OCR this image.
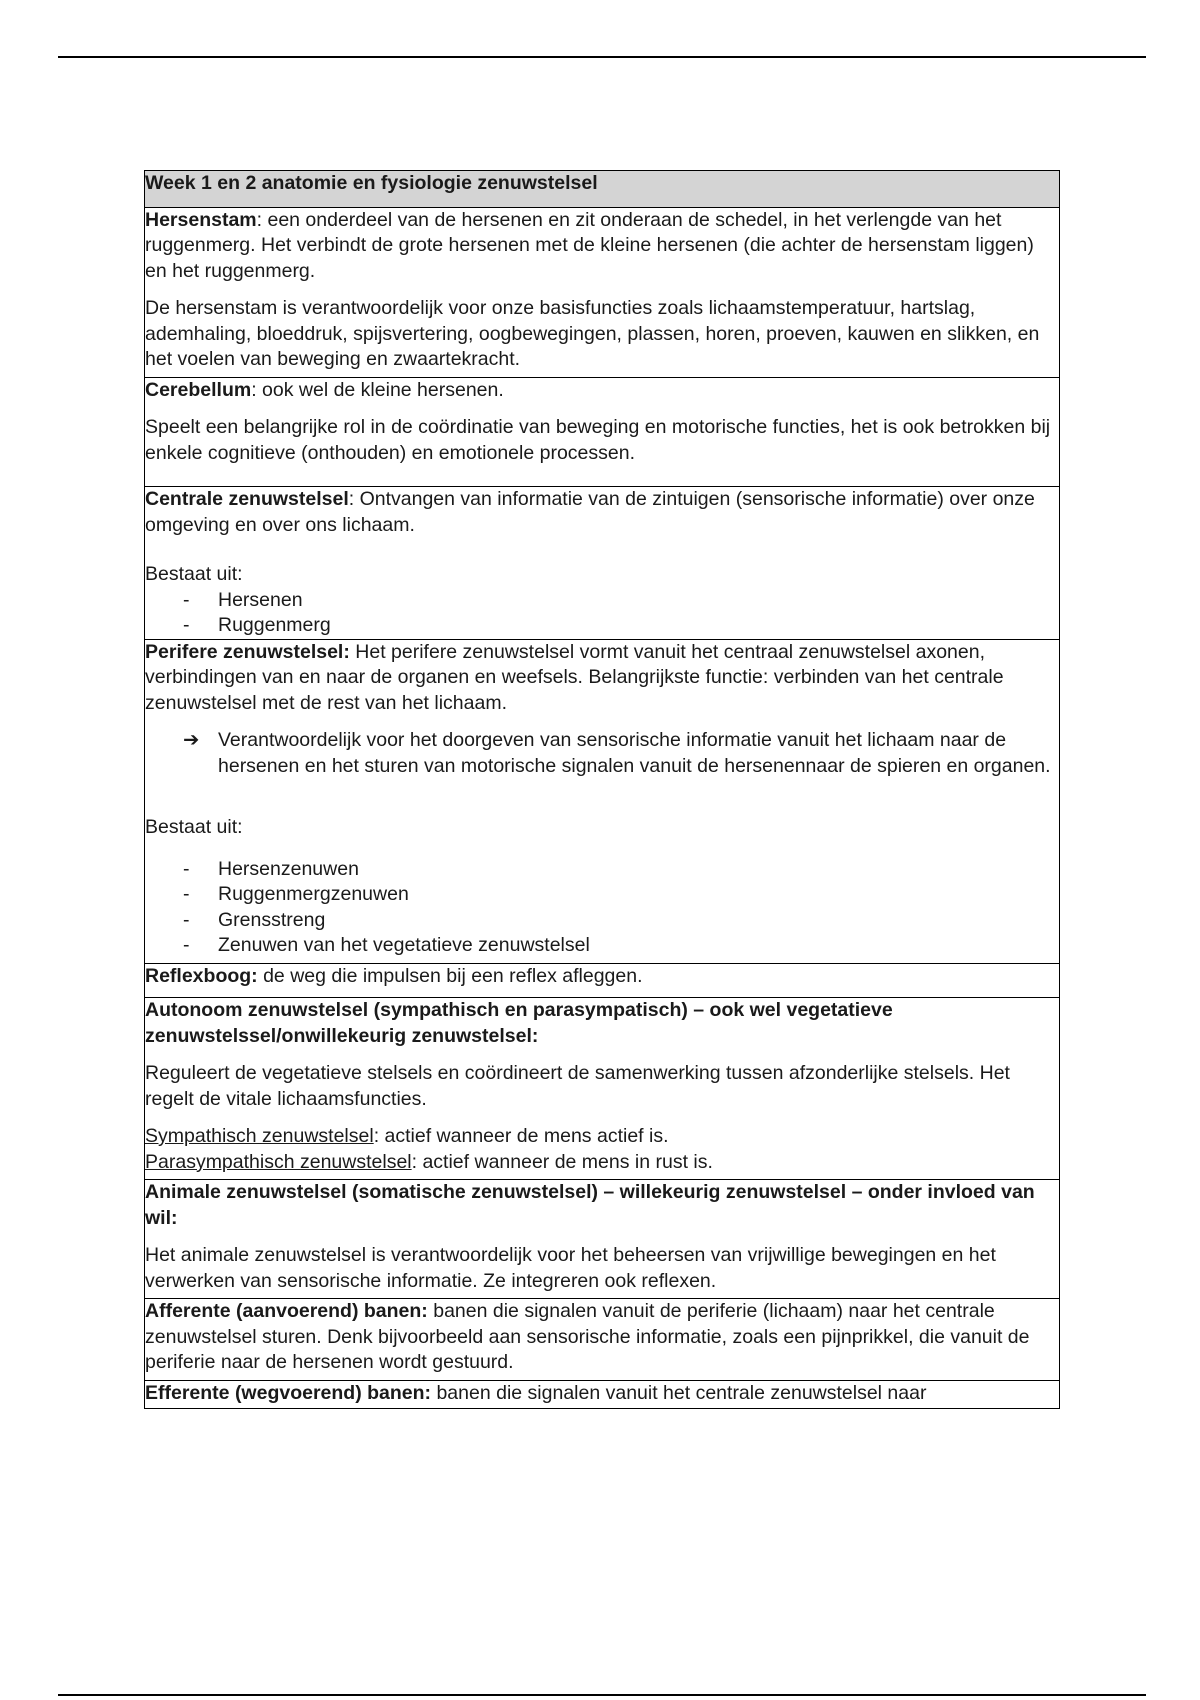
Week 1 en 2 anatomie en fysiologie zenuwstelsel

Hersenstam: een onderdeel van de hersenen en zit onderaan de schedel, in het verlengde van het ruggenmerg. Het verbindt de grote hersenen met de kleine hersenen (die achter de hersenstam liggen) en het ruggenmerg.

De hersenstam is verantwoordelijk voor onze basisfuncties zoals lichaamstemperatuur, hartslag, ademhaling, bloeddruk, spijsvertering, oogbewegingen, plassen, horen, proeven, kauwen en slikken, en het voelen van beweging en zwaartekracht.

Cerebellum: ook wel de kleine hersenen.

Speelt een belangrijke rol in de coördinatie van beweging en motorische functies, het is ook betrokken bij enkele cognitieve (onthouden) en emotionele processen.

Centrale zenuwstelsel: Ontvangen van informatie van de zintuigen (sensorische informatie) over onze omgeving en over ons lichaam.

Bestaat uit:
- Hersenen
- Ruggenmerg

Perifere zenuwstelsel: Het perifere zenuwstelsel vormt vanuit het centraal zenuwstelsel axonen, verbindingen van en naar de organen en weefsels. Belangrijkste functie: verbinden van het centrale zenuwstelsel met de rest van het lichaam.

➔ Verantwoordelijk voor het doorgeven van sensorische informatie vanuit het lichaam naar de hersenen en het sturen van motorische signalen vanuit de hersenennaar de spieren en organen.
Bestaat uit:
- Hersenzenuwen
- Ruggenmergzenuwen
- Grensstreng
- Zenuwen van het vegetatieve zenuwstelsel

Reflexboog: de weg die impulsen bij een reflex afleggen.

Autonoom zenuwstelsel (sympathisch en parasympatisch) – ook wel vegetatieve zenuwstelssel/onwillekeurig zenuwstelsel:

Reguleert de vegetatieve stelsels en coördineert de samenwerking tussen afzonderlijke stelsels. Het regelt de vitale lichaamsfuncties.

Sympathisch zenuwstelsel: actief wanneer de mens actief is.
Parasympathisch zenuwstelsel: actief wanneer de mens in rust is.

Animale zenuwstelsel (somatische zenuwstelsel) – willekeurig zenuwstelsel – onder invloed van wil:

Het animale zenuwstelsel is verantwoordelijk voor het beheersen van vrijwillige bewegingen en het verwerken van sensorische informatie. Ze integreren ook reflexen.

Afferente (aanvoerend) banen: banen die signalen vanuit de periferie (lichaam) naar het centrale zenuwstelsel sturen. Denk bijvoorbeeld aan sensorische informatie, zoals een pijnprikkel, die vanuit de periferie naar de hersenen wordt gestuurd.
Efferente (wegvoerend) banen: banen die signalen vanuit het centrale zenuwstelsel naar
